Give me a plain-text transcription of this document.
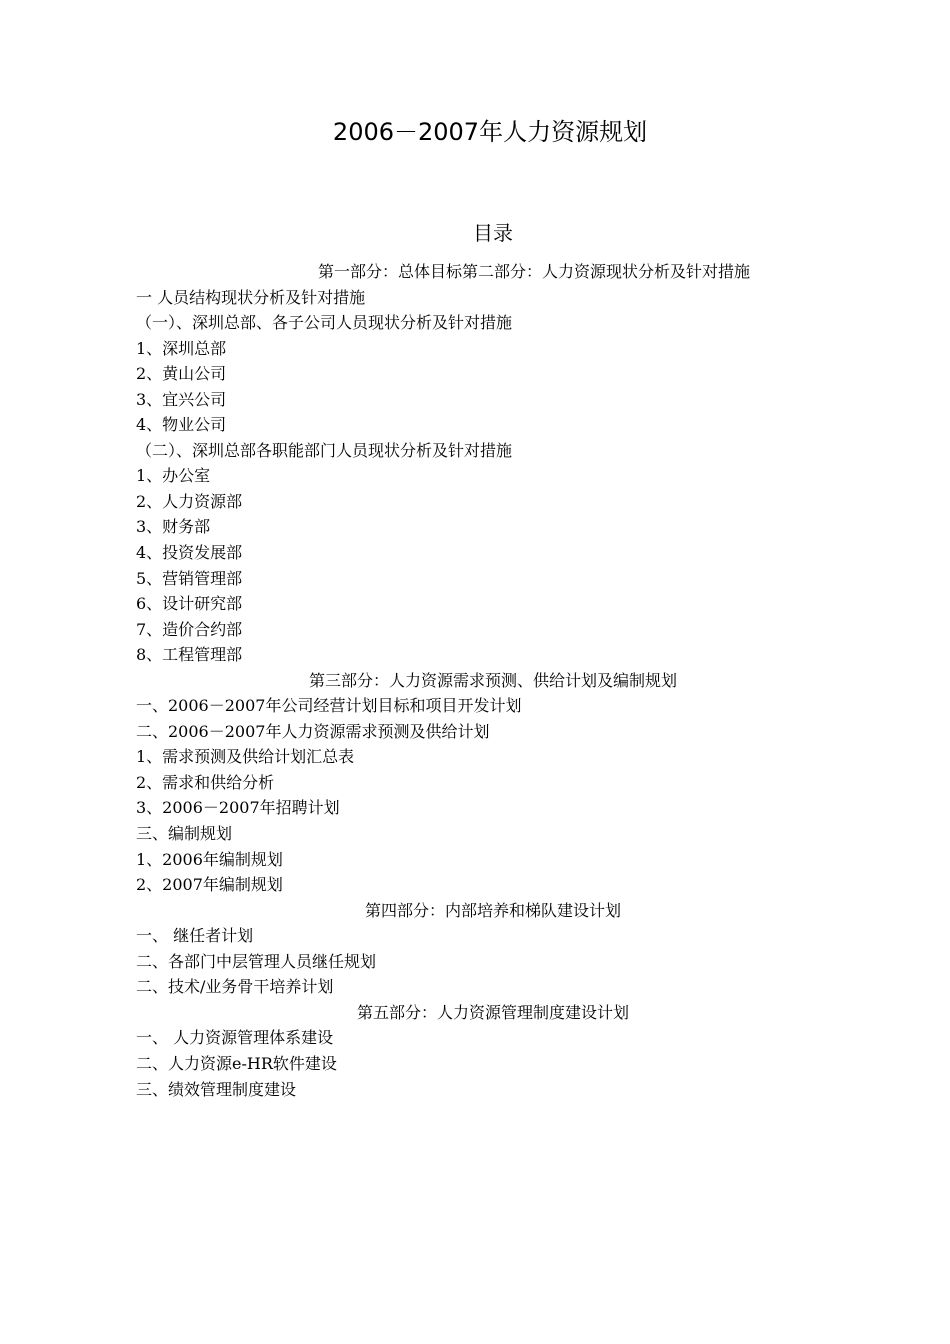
2006－2007年人力资源规划
目录
第一部分：总体目标第二部分：人力资源现状分析及针对措施
一 人员结构现状分析及针对措施
（一）、深圳总部、各子公司人员现状分析及针对措施
1、深圳总部
2、黄山公司
3、宜兴公司
4、物业公司
（二）、深圳总部各职能部门人员现状分析及针对措施
1、办公室
2、人力资源部
3、财务部
4、投资发展部
5、营销管理部
6、设计研究部
7、造价合约部
8、工程管理部
第三部分：人力资源需求预测、供给计划及编制规划
一、2006－2007年公司经营计划目标和项目开发计划
二、2006－2007年人力资源需求预测及供给计划
1、需求预测及供给计划汇总表
2、需求和供给分析
3、2006－2007年招聘计划
三、编制规划
1、2006年编制规划
2、2007年编制规划
第四部分：内部培养和梯队建设计划
一、 继任者计划
二、各部门中层管理人员继任规划
二、技术/业务骨干培养计划
第五部分：人力资源管理制度建设计划
一、 人力资源管理体系建设
二、人力资源e-HR软件建设
三、绩效管理制度建设
